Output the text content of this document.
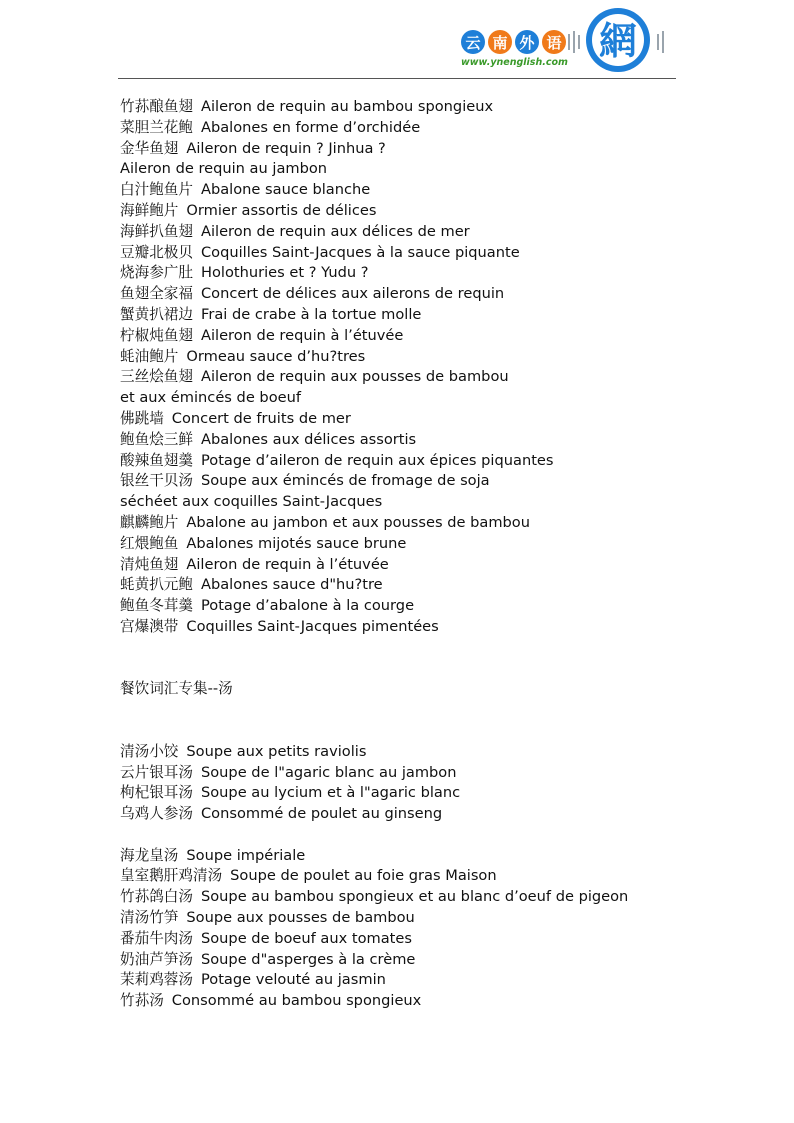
云 南 外 语 網
www.ynenglish.com
竹荪酿鱼翅 Aileron de requin au bambou spongieux
菜胆兰花鲍 Abalones en forme d’orchidée
金华鱼翅 Aileron de requin ? Jinhua ?
Aileron de requin au jambon
白汁鲍鱼片 Abalone sauce blanche
海鲜鲍片 Ormier assortis de délices
海鲜扒鱼翅 Aileron de requin aux délices de mer
豆瓣北极贝 Coquilles Saint-Jacques à la sauce piquante
烧海参广肚 Holothuries et ? Yudu ?
鱼翅全家福 Concert de délices aux ailerons de requin
蟹黄扒裙边 Frai de crabe à la tortue molle
柠椒炖鱼翅 Aileron de requin à l’étuvée
蚝油鲍片 Ormeau sauce d’hu?tres
三丝烩鱼翅 Aileron de requin aux pousses de bambou
et aux émincés de boeuf
佛跳墙 Concert de fruits de mer
鲍鱼烩三鲜 Abalones aux délices assortis
酸辣鱼翅羹 Potage d’aileron de requin aux épices piquantes
银丝干贝汤 Soupe aux émincés de fromage de soja
séchéet aux coquilles Saint-Jacques
麒麟鲍片 Abalone au jambon et aux pousses de bambou
红煨鲍鱼 Abalones mijotés sauce brune
清炖鱼翅 Aileron de requin à l’étuvée
蚝黄扒元鲍 Abalones sauce d"hu?tre
鲍鱼冬茸羹 Potage d’abalone à la courge
宫爆澳带 Coquilles Saint-Jacques pimentées
餐饮词汇专集--汤
清汤小饺 Soupe aux petits raviolis
云片银耳汤 Soupe de l"agaric blanc au jambon
枸杞银耳汤 Soupe au lycium et à l"agaric blanc
乌鸡人参汤 Consommé de poulet au ginseng
海龙皇汤 Soupe impériale
皇室鹅肝鸡清汤 Soupe de poulet au foie gras Maison
竹荪鸽白汤 Soupe au bambou spongieux et au blanc d’oeuf de pigeon
清汤竹笋 Soupe aux pousses de bambou
番茄牛肉汤 Soupe de boeuf aux tomates
奶油芦笋汤 Soupe d"asperges à la crème
茉莉鸡蓉汤 Potage velouté au jasmin
竹荪汤 Consommé au bambou spongieux
